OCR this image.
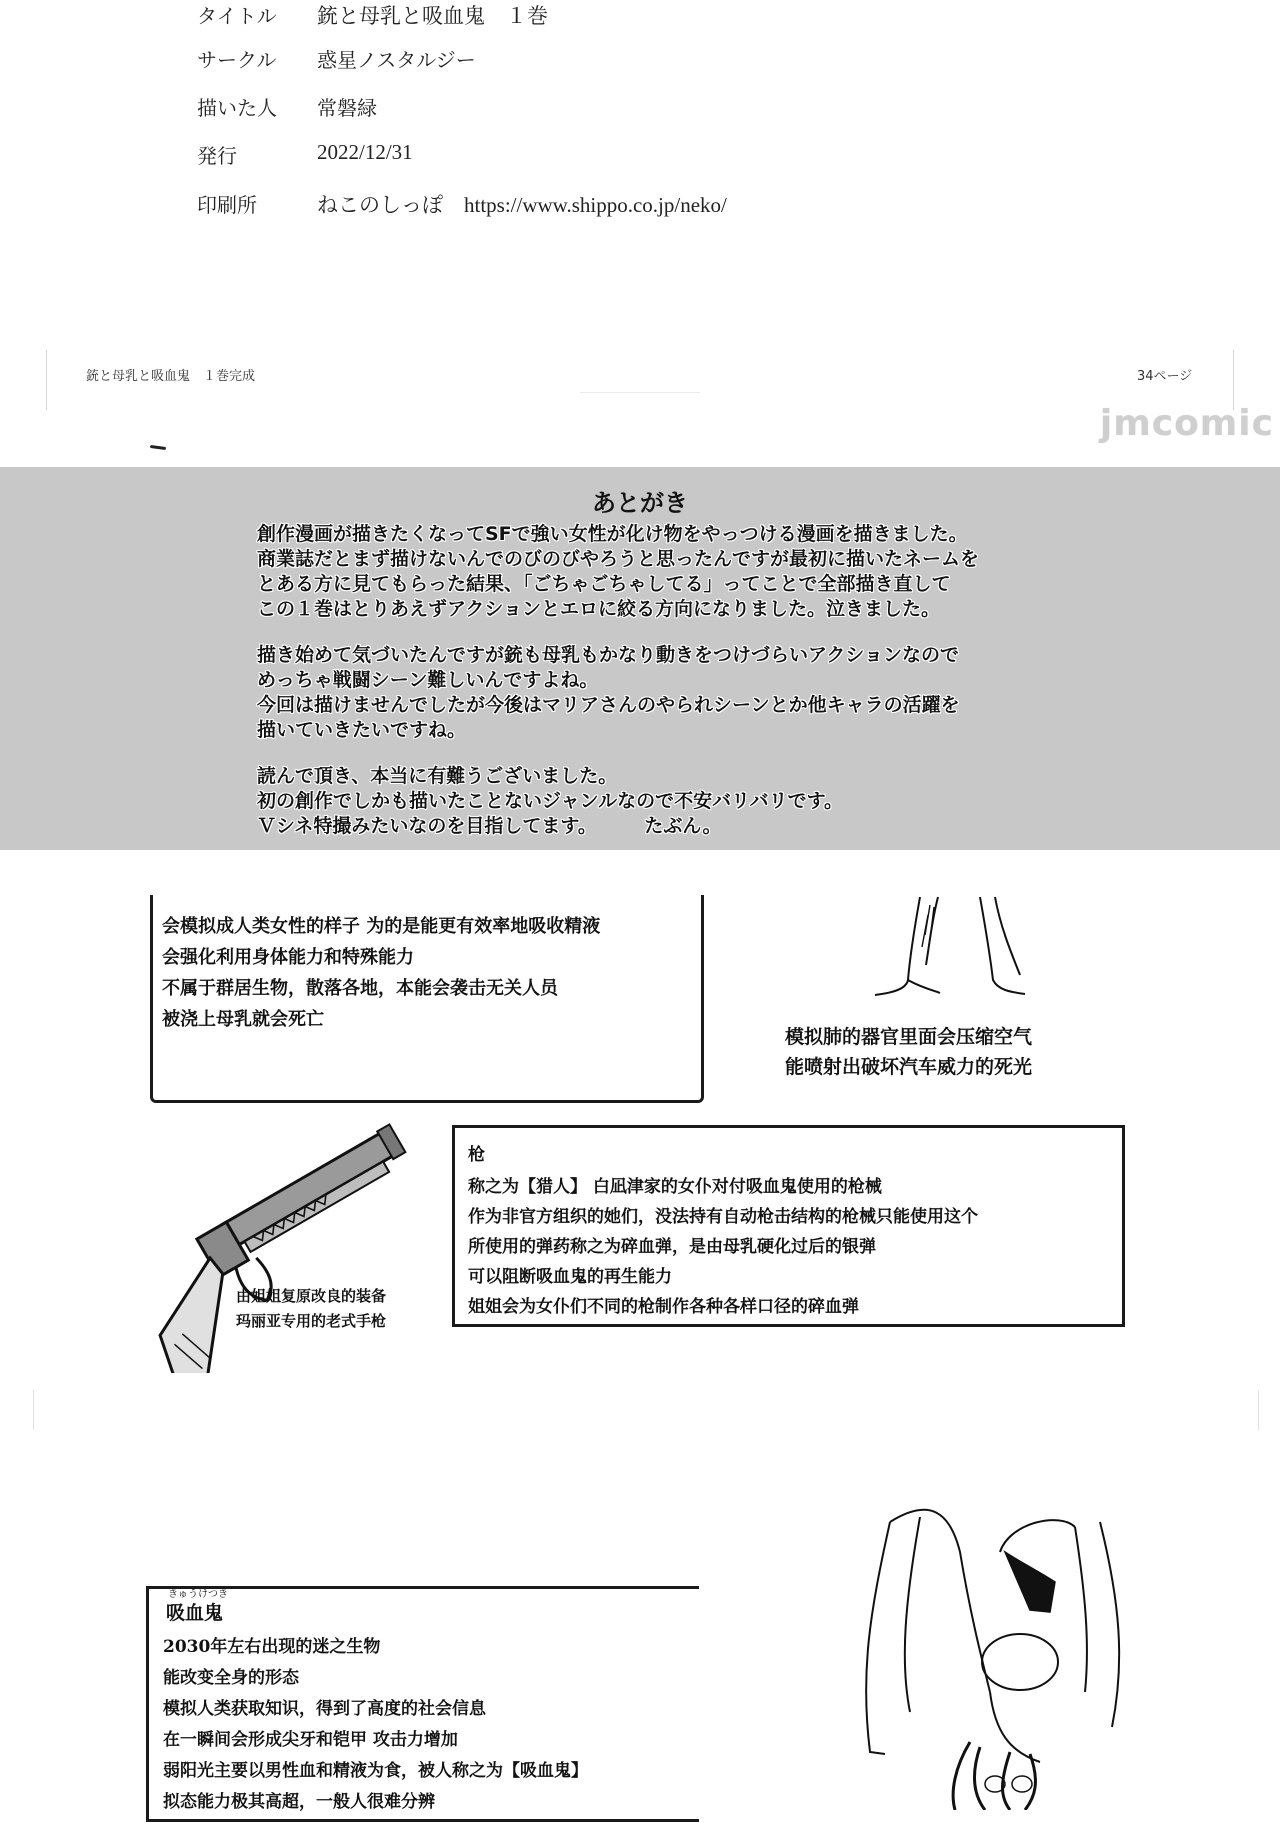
タイトル 銃と母乳と吸血鬼　１巻
サークル 惑星ノスタルジー
描いた人 常磐緑
発行	2022/12/31
印刷所	ねこのしっぽ　https://www.shippo.co.jp/neko/
銃と母乳と吸血鬼　１巻完成	34ページ
jmcomic
あとがき
創作漫画が描きたくなってSFで強い女性が化け物をやっつける漫画を描きました。
商業誌だとまず描けないんでのびのびやろうと思ったんですが最初に描いたネームを
とある方に見てもらった結果、「ごちゃごちゃしてる」ってことで全部描き直して
この１巻はとりあえずアクションとエロに絞る方向になりました。泣きました。
描き始めて気づいたんですが銃も母乳もかなり動きをつけづらいアクションなので
めっちゃ戦闘シーン難しいんですよね。
今回は描けませんでしたが今後はマリアさんのやられシーンとか他キャラの活躍を
描いていきたいですね。
読んで頂き、本当に有難うございました。
初の創作でしかも描いたことないジャンルなので不安バリバリです。
Ｖシネ特撮みたいなのを目指してます。　　　たぶん。
会模拟成人类女性的样子 为的是能更有效率地吸收精液
会强化利用身体能力和特殊能力
不属于群居生物，散落各地，本能会袭击无关人员
被浇上母乳就会死亡
模拟肺的器官里面会压缩空气
能喷射出破坏汽车威力的死光
由姐姐复原改良的装备
玛丽亚专用的老式手枪
枪
称之为【猎人】 白凪津家的女仆对付吸血鬼使用的枪械
作为非官方组织的她们，没法持有自动枪击结构的枪械只能使用这个
所使用的弹药称之为碎血弹，是由母乳硬化过后的银弹
可以阻断吸血鬼的再生能力
姐姐会为女仆们不同的枪制作各种各样口径的碎血弹
きゅうけつき
吸血鬼
2030年左右出现的迷之生物
能改变全身的形态
模拟人类获取知识，得到了高度的社会信息
在一瞬间会形成尖牙和铠甲 攻击力增加
弱阳光主要以男性血和精液为食，被人称之为【吸血鬼】
拟态能力极其高超，一般人很难分辨
